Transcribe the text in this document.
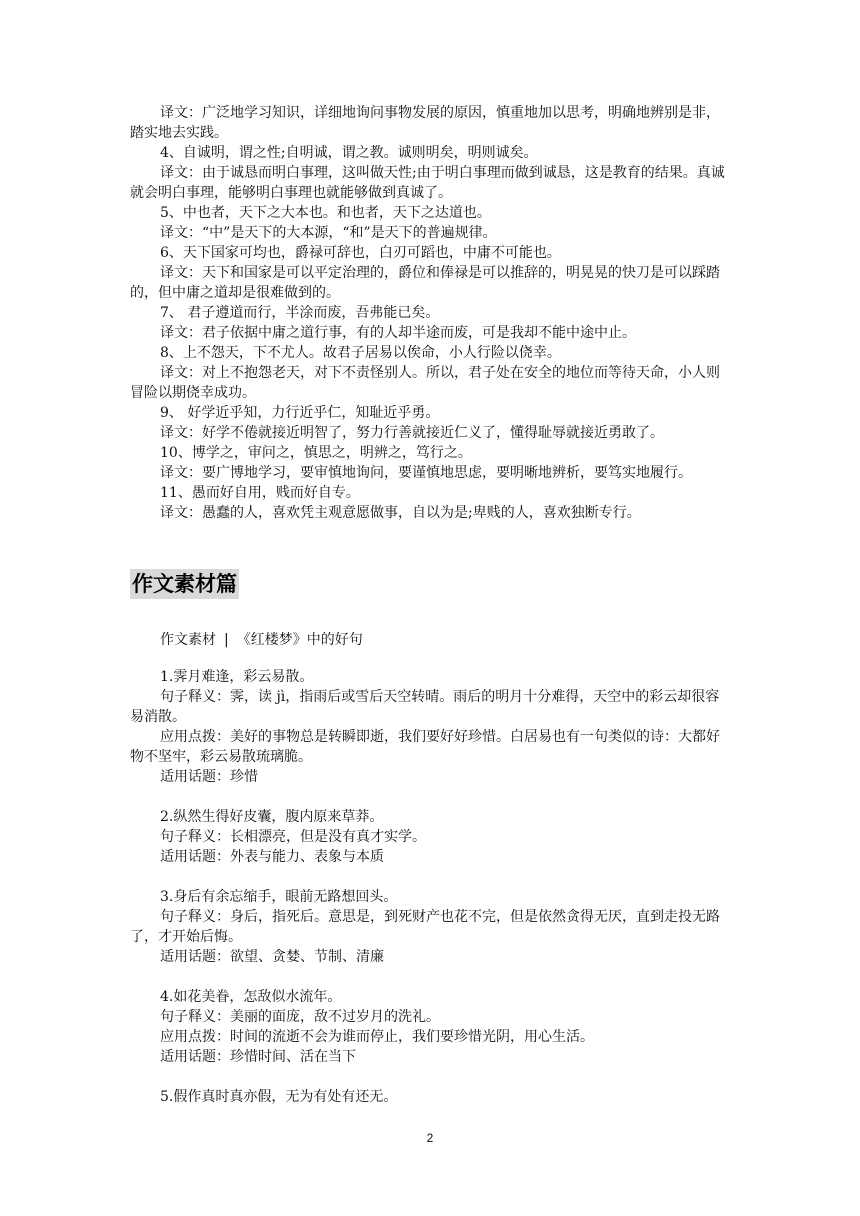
译文：广泛地学习知识，详细地询问事物发展的原因，慎重地加以思考，明确地辨别是非，踏实地去实践。

4、自诚明，谓之性;自明诚，谓之教。诚则明矣，明则诚矣。

译文：由于诚恳而明白事理，这叫做天性;由于明白事理而做到诚恳，这是教育的结果。真诚就会明白事理，能够明白事理也就能够做到真诚了。

5、中也者，天下之大本也。和也者，天下之达道也。

译文：“中”是天下的大本源，“和”是天下的普遍规律。

6、天下国家可均也，爵禄可辞也，白刃可蹈也，中庸不可能也。

译文：天下和国家是可以平定治理的，爵位和俸禄是可以推辞的，明晃晃的快刀是可以踩踏的，但中庸之道却是很难做到的。

7、 君子遵道而行，半涂而废，吾弗能已矣。

译文：君子依据中庸之道行事，有的人却半途而废，可是我却不能中途中止。

8、上不怨天，下不尤人。故君子居易以俟命，小人行险以侥幸。

译文：对上不抱怨老天，对下不责怪别人。所以，君子处在安全的地位而等待天命，小人则冒险以期侥幸成功。

9、 好学近乎知，力行近乎仁，知耻近乎勇。

译文：好学不倦就接近明智了，努力行善就接近仁义了，懂得耻辱就接近勇敢了。

10、博学之，审问之，慎思之，明辨之，笃行之。

译文：要广博地学习，要审慎地询问，要谨慎地思虑，要明晰地辨析，要笃实地履行。

11、愚而好自用，贱而好自专。

译文：愚蠢的人，喜欢凭主观意愿做事，自以为是;卑贱的人，喜欢独断专行。

作文素材篇
作文素材 | 《红楼梦》中的好句

1.霁月难逢，彩云易散。

句子释义：霁，读 jì，指雨后或雪后天空转晴。雨后的明月十分难得，天空中的彩云却很容易消散。

应用点拨：美好的事物总是转瞬即逝，我们要好好珍惜。白居易也有一句类似的诗：大都好物不坚牢，彩云易散琉璃脆。

适用话题：珍惜

2.纵然生得好皮囊，腹内原来草莽。

句子释义：长相漂亮，但是没有真才实学。

适用话题：外表与能力、表象与本质

3.身后有余忘缩手，眼前无路想回头。

句子释义：身后，指死后。意思是，到死财产也花不完，但是依然贪得无厌，直到走投无路了，才开始后悔。

适用话题：欲望、贪婪、节制、清廉

4.如花美眷，怎敌似水流年。

句子释义：美丽的面庞，敌不过岁月的洗礼。

应用点拨：时间的流逝不会为谁而停止，我们要珍惜光阴，用心生活。

适用话题：珍惜时间、活在当下

5.假作真时真亦假，无为有处有还无。

2
